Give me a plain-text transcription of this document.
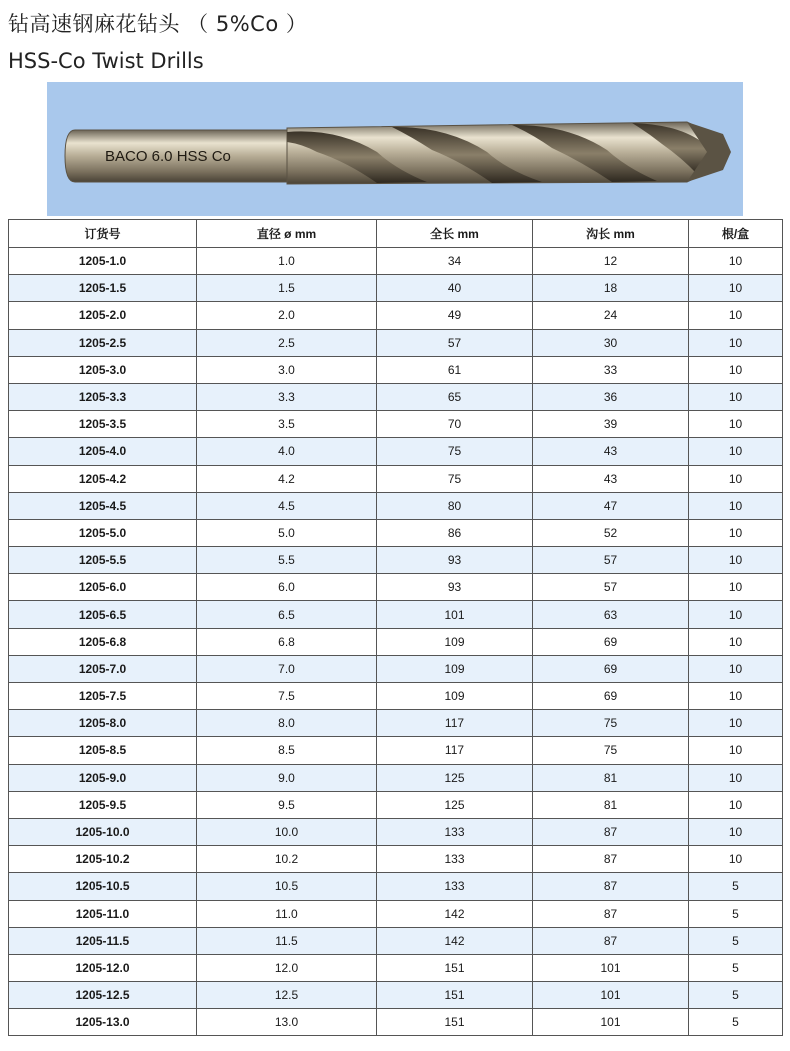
钻高速钢麻花钻头 （ 5%Co ）
HSS-Co Twist Drills
BACO 6.0 HSS Co
订货号	直径 ø mm	全长 mm	沟长 mm	根/盒
1205-1.0	1.0	34	12	10
1205-1.5	1.5	40	18	10
1205-2.0	2.0	49	24	10
1205-2.5	2.5	57	30	10
1205-3.0	3.0	61	33	10
1205-3.3	3.3	65	36	10
1205-3.5	3.5	70	39	10
1205-4.0	4.0	75	43	10
1205-4.2	4.2	75	43	10
1205-4.5	4.5	80	47	10
1205-5.0	5.0	86	52	10
1205-5.5	5.5	93	57	10
1205-6.0	6.0	93	57	10
1205-6.5	6.5	101	63	10
1205-6.8	6.8	109	69	10
1205-7.0	7.0	109	69	10
1205-7.5	7.5	109	69	10
1205-8.0	8.0	117	75	10
1205-8.5	8.5	117	75	10
1205-9.0	9.0	125	81	10
1205-9.5	9.5	125	81	10
1205-10.0	10.0	133	87	10
1205-10.2	10.2	133	87	10
1205-10.5	10.5	133	87	5
1205-11.0	11.0	142	87	5
1205-11.5	11.5	142	87	5
1205-12.0	12.0	151	101	5
1205-12.5	12.5	151	101	5
1205-13.0	13.0	151	101	5
